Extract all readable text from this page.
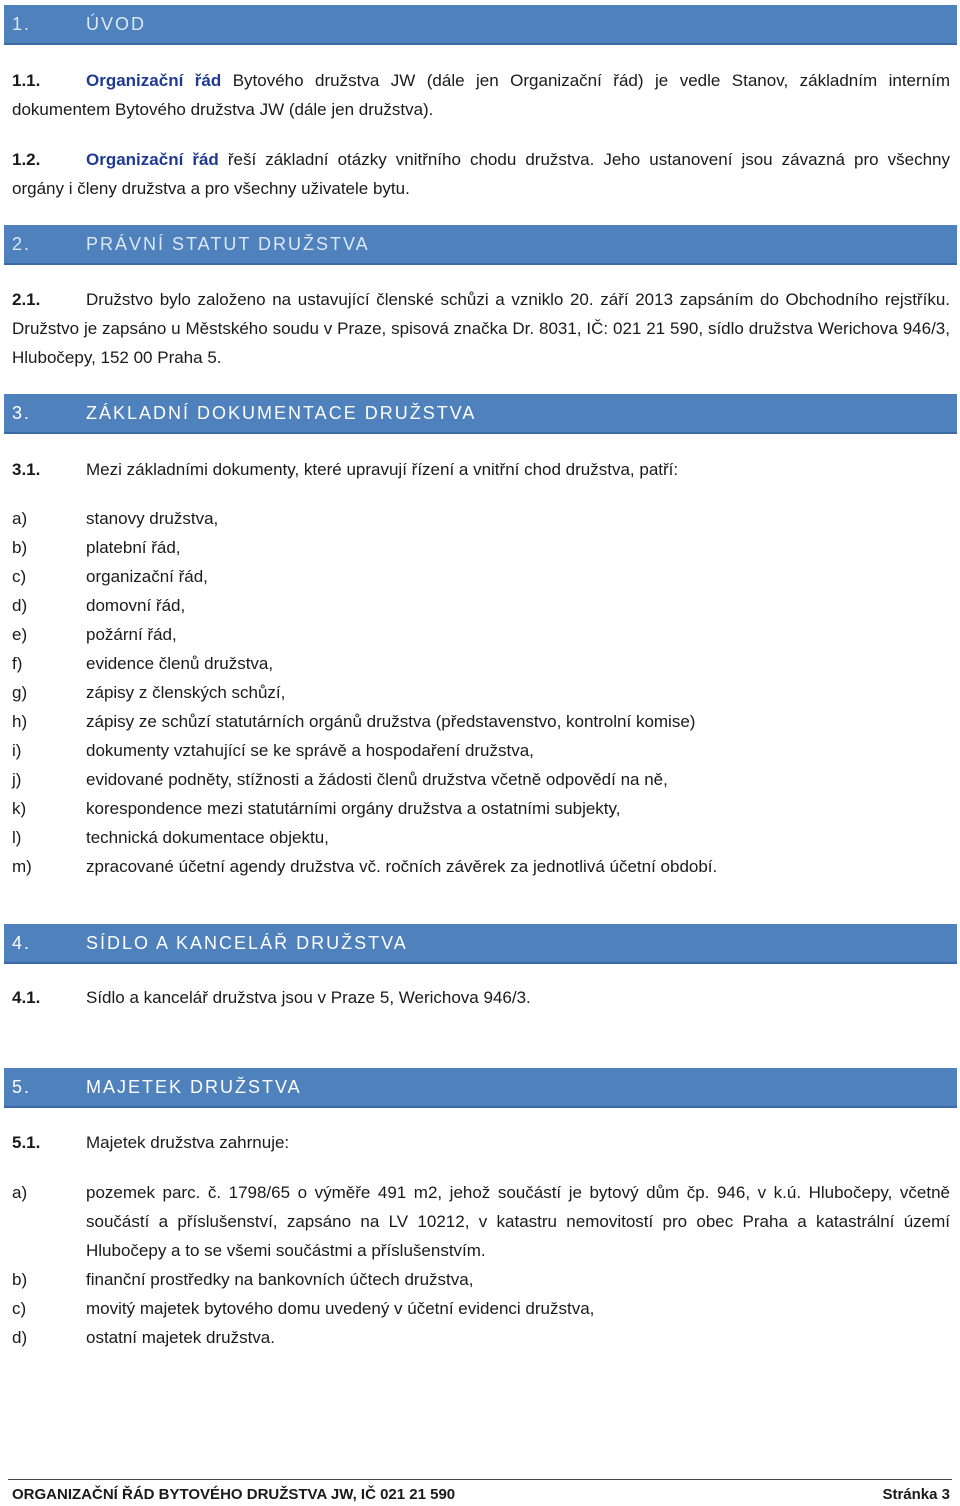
1.	ÚVOD
1.1.	Organizační řád Bytového družstva JW (dále jen Organizační řád) je vedle Stanov, základním interním dokumentem Bytového družstva JW (dále jen družstva).
1.2.	Organizační řád řeší základní otázky vnitřního chodu družstva. Jeho ustanovení jsou závazná pro všechny orgány i členy družstva a pro všechny uživatele bytu.
2.	PRÁVNÍ STATUT DRUŽSTVA
2.1.	Družstvo bylo založeno na ustavující členské schůzi a vzniklo 20. září 2013 zapsáním do Obchodního rejstříku. Družstvo je zapsáno u Městského soudu v Praze, spisová značka Dr. 8031, IČ: 021 21 590, sídlo družstva Werichova 946/3, Hlubočepy, 152 00 Praha 5.
3.	ZÁKLADNÍ DOKUMENTACE DRUŽSTVA
3.1.	Mezi základními dokumenty, které upravují řízení a vnitřní chod družstva, patří:
a)	stanovy družstva,
b)	platební řád,
c)	organizační řád,
d)	domovní řád,
e)	požární řád,
f)	evidence členů družstva,
g)	zápisy z členských schůzí,
h)	zápisy ze schůzí statutárních orgánů družstva (představenstvo, kontrolní komise)
i)	dokumenty vztahující se ke správě a hospodaření družstva,
j)	evidované podněty, stížnosti a žádosti členů družstva včetně odpovědí na ně,
k)	korespondence mezi statutárními orgány družstva a ostatními subjekty,
l)	technická dokumentace objektu,
m)	zpracované účetní agendy družstva vč. ročních závěrek za jednotlivá účetní období.
4.	SÍDLO A KANCELÁŘ DRUŽSTVA
4.1.	Sídlo a kancelář družstva jsou v Praze 5, Werichova 946/3.
5.	MAJETEK DRUŽSTVA
5.1.	Majetek družstva zahrnuje:
a)	pozemek parc. č. 1798/65 o výměře 491 m2, jehož součástí je bytový dům čp. 946, v k.ú. Hlubočepy, včetně součástí a příslušenství, zapsáno na LV 10212, v katastru nemovitostí pro obec Praha a katastrální území Hlubočepy a to se všemi součástmi a příslušenstvím.
b)	finanční prostředky na bankovních účtech družstva,
c)	movitý majetek bytového domu uvedený v účetní evidenci družstva,
d)	ostatní majetek družstva.
ORGANIZAČNÍ ŘÁD BYTOVÉHO DRUŽSTVA JW, IČ 021 21 590	Stránka 3
